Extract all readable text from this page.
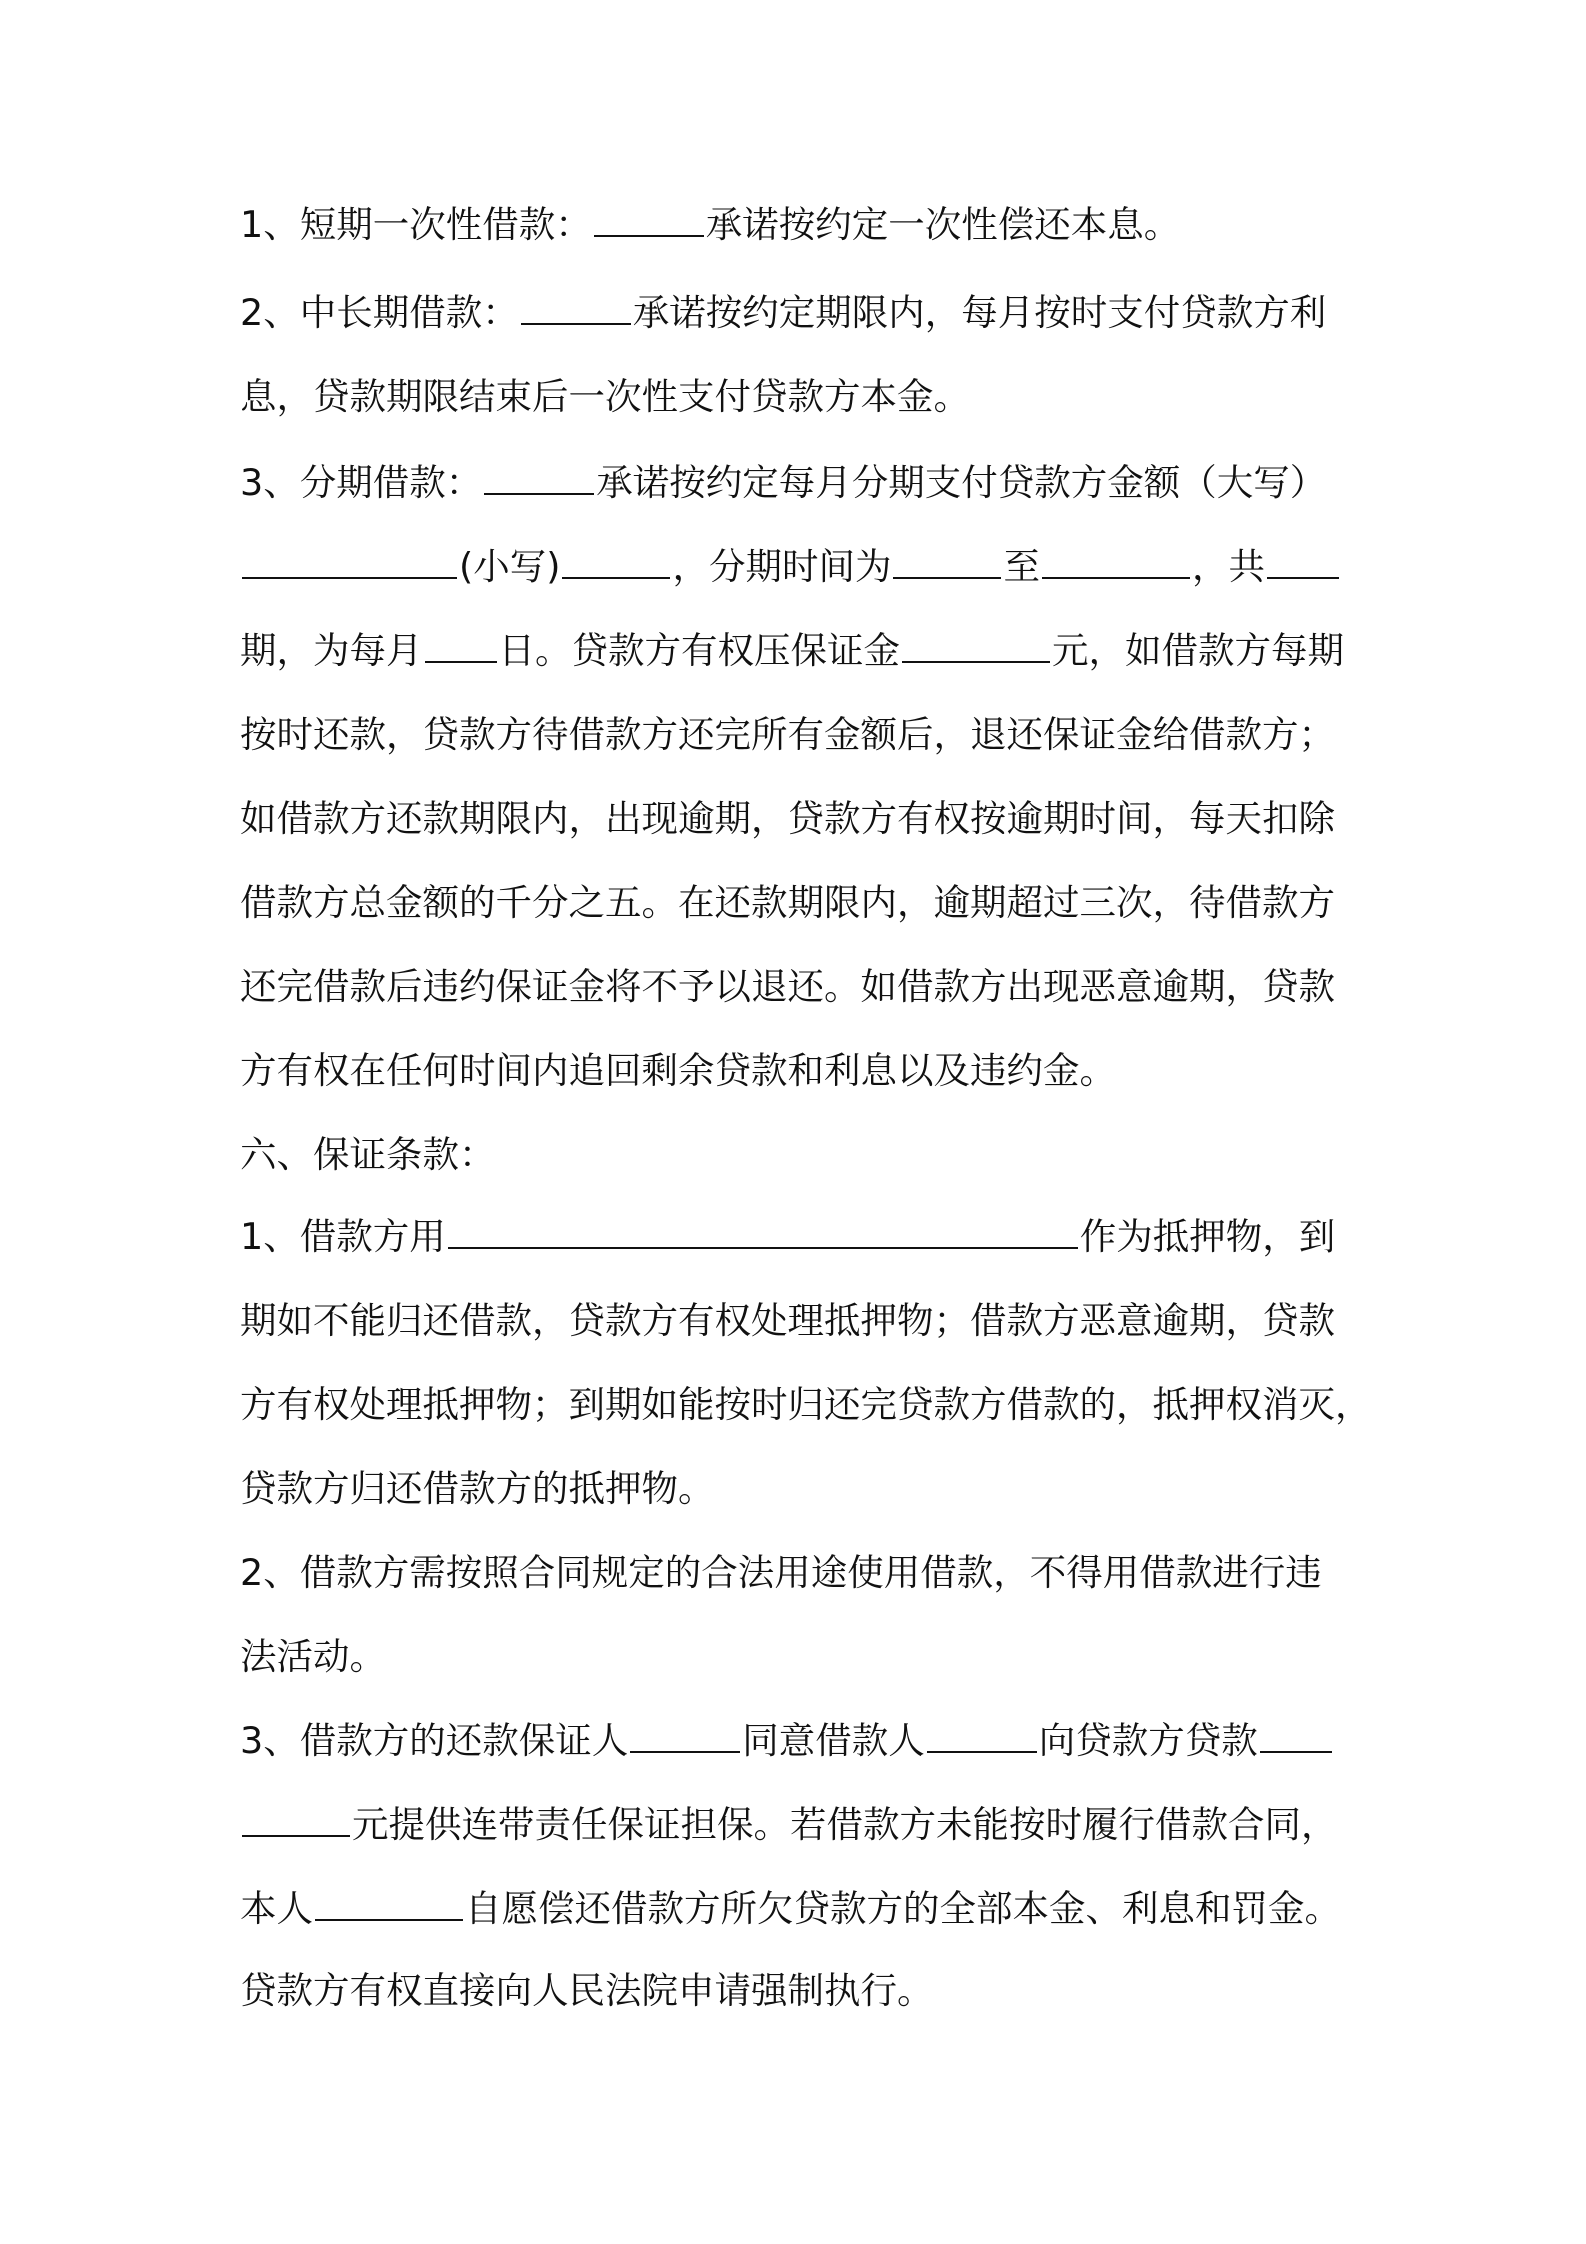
1、短期一次性借款：	承诺按约定一次性偿还本息。
2、中长期借款：	承诺按约定期限内，每月按时支付贷款方利
息，贷款期限结束后一次性支付贷款方本金。
3、分期借款：	承诺按约定每月分期支付贷款方金额（大写）
(小写)	，分期时间为	至	，共
期，为每月 日。贷款方有权压保证金	元，如借款方每期
按时还款，贷款方待借款方还完所有金额后，退还保证金给借款方；
如借款方还款期限内，出现逾期，贷款方有权按逾期时间，每天扣除
借款方总金额的千分之五。在还款期限内，逾期超过三次，待借款方
还完借款后违约保证金将不予以退还。如借款方出现恶意逾期，贷款
方有权在任何时间内追回剩余贷款和利息以及违约金。
六、保证条款：
1、借款方用	作为抵押物，到
期如不能归还借款，贷款方有权处理抵押物；借款方恶意逾期，贷款
方有权处理抵押物；到期如能按时归还完贷款方借款的，抵押权消灭，
贷款方归还借款方的抵押物。
2、借款方需按照合同规定的合法用途使用借款，不得用借款进行违
法活动。
3、借款方的还款保证人	同意借款人	向贷款方贷款
元提供连带责任保证担保。若借款方未能按时履行借款合同，
本人	自愿偿还借款方所欠贷款方的全部本金、利息和罚金。
贷款方有权直接向人民法院申请强制执行。
